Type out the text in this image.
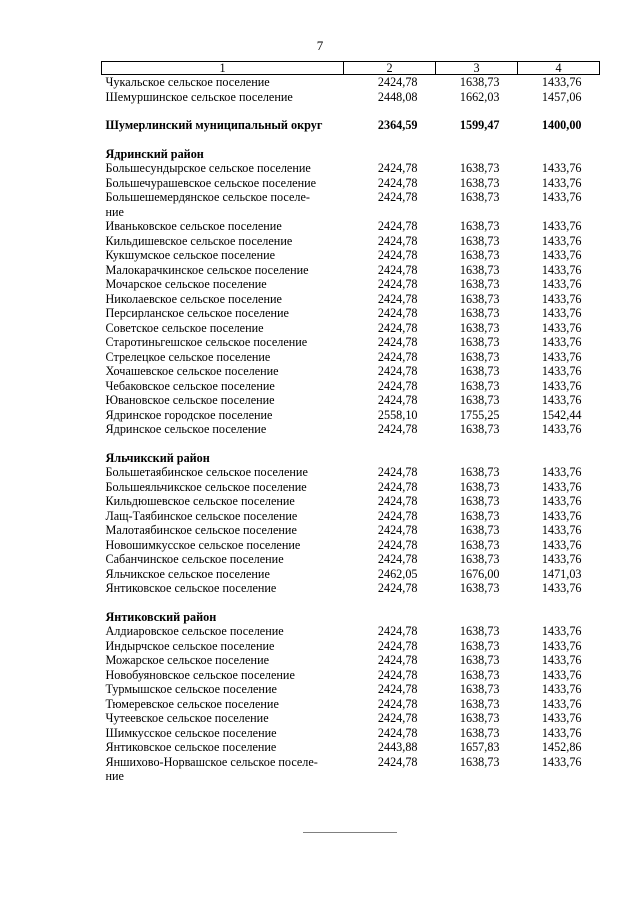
7
1	2	3	4
Чукальское сельское поселение	2424,78	1638,73	1433,76
Шемуршинское сельское поселение	2448,08	1662,03	1457,06

Шумерлинский муниципальный округ	2364,59	1599,47	1400,00

Ядринский район			
Большесундырское сельское поселение	2424,78	1638,73	1433,76
Большечурашевское сельское поселение	2424,78	1638,73	1433,76
Большешемердянское сельское поселе-
ние	2424,78	1638,73	1433,76
Иваньковское сельское поселение	2424,78	1638,73	1433,76
Кильдишевское сельское поселение	2424,78	1638,73	1433,76
Кукшумское сельское поселение	2424,78	1638,73	1433,76
Малокарачкинское сельское поселение	2424,78	1638,73	1433,76
Мочарское сельское поселение	2424,78	1638,73	1433,76
Николаевское сельское поселение	2424,78	1638,73	1433,76
Персирланское сельское поселение	2424,78	1638,73	1433,76
Советское сельское поселение	2424,78	1638,73	1433,76
Старотиньгешское сельское поселение	2424,78	1638,73	1433,76
Стрелецкое сельское поселение	2424,78	1638,73	1433,76
Хочашевское сельское поселение	2424,78	1638,73	1433,76
Чебаковское сельское поселение	2424,78	1638,73	1433,76
Ювановское сельское поселение	2424,78	1638,73	1433,76
Ядринское городское поселение	2558,10	1755,25	1542,44
Ядринское сельское поселение	2424,78	1638,73	1433,76

Яльчикский район			
Большетаябинское сельское поселение	2424,78	1638,73	1433,76
Большеяльчикское сельское поселение	2424,78	1638,73	1433,76
Кильдюшевское сельское поселение	2424,78	1638,73	1433,76
Лащ-Таябинское сельское поселение	2424,78	1638,73	1433,76
Малотаябинское сельское поселение	2424,78	1638,73	1433,76
Новошимкусское сельское поселение	2424,78	1638,73	1433,76
Сабанчинское сельское поселение	2424,78	1638,73	1433,76
Яльчикское сельское поселение	2462,05	1676,00	1471,03
Янтиковское сельское поселение	2424,78	1638,73	1433,76

Янтиковский район			
Алдиаровское сельское поселение	2424,78	1638,73	1433,76
Индырчское сельское поселение	2424,78	1638,73	1433,76
Можарское сельское поселение	2424,78	1638,73	1433,76
Новобуяновское сельское поселение	2424,78	1638,73	1433,76
Турмышское сельское поселение	2424,78	1638,73	1433,76
Тюмеревское сельское поселение	2424,78	1638,73	1433,76
Чутеевское сельское поселение	2424,78	1638,73	1433,76
Шимкусское сельское поселение	2424,78	1638,73	1433,76
Янтиковское сельское поселение	2443,88	1657,83	1452,86
Яншихово-Норвашское сельское поселе-
ние	2424,78	1638,73	1433,76
